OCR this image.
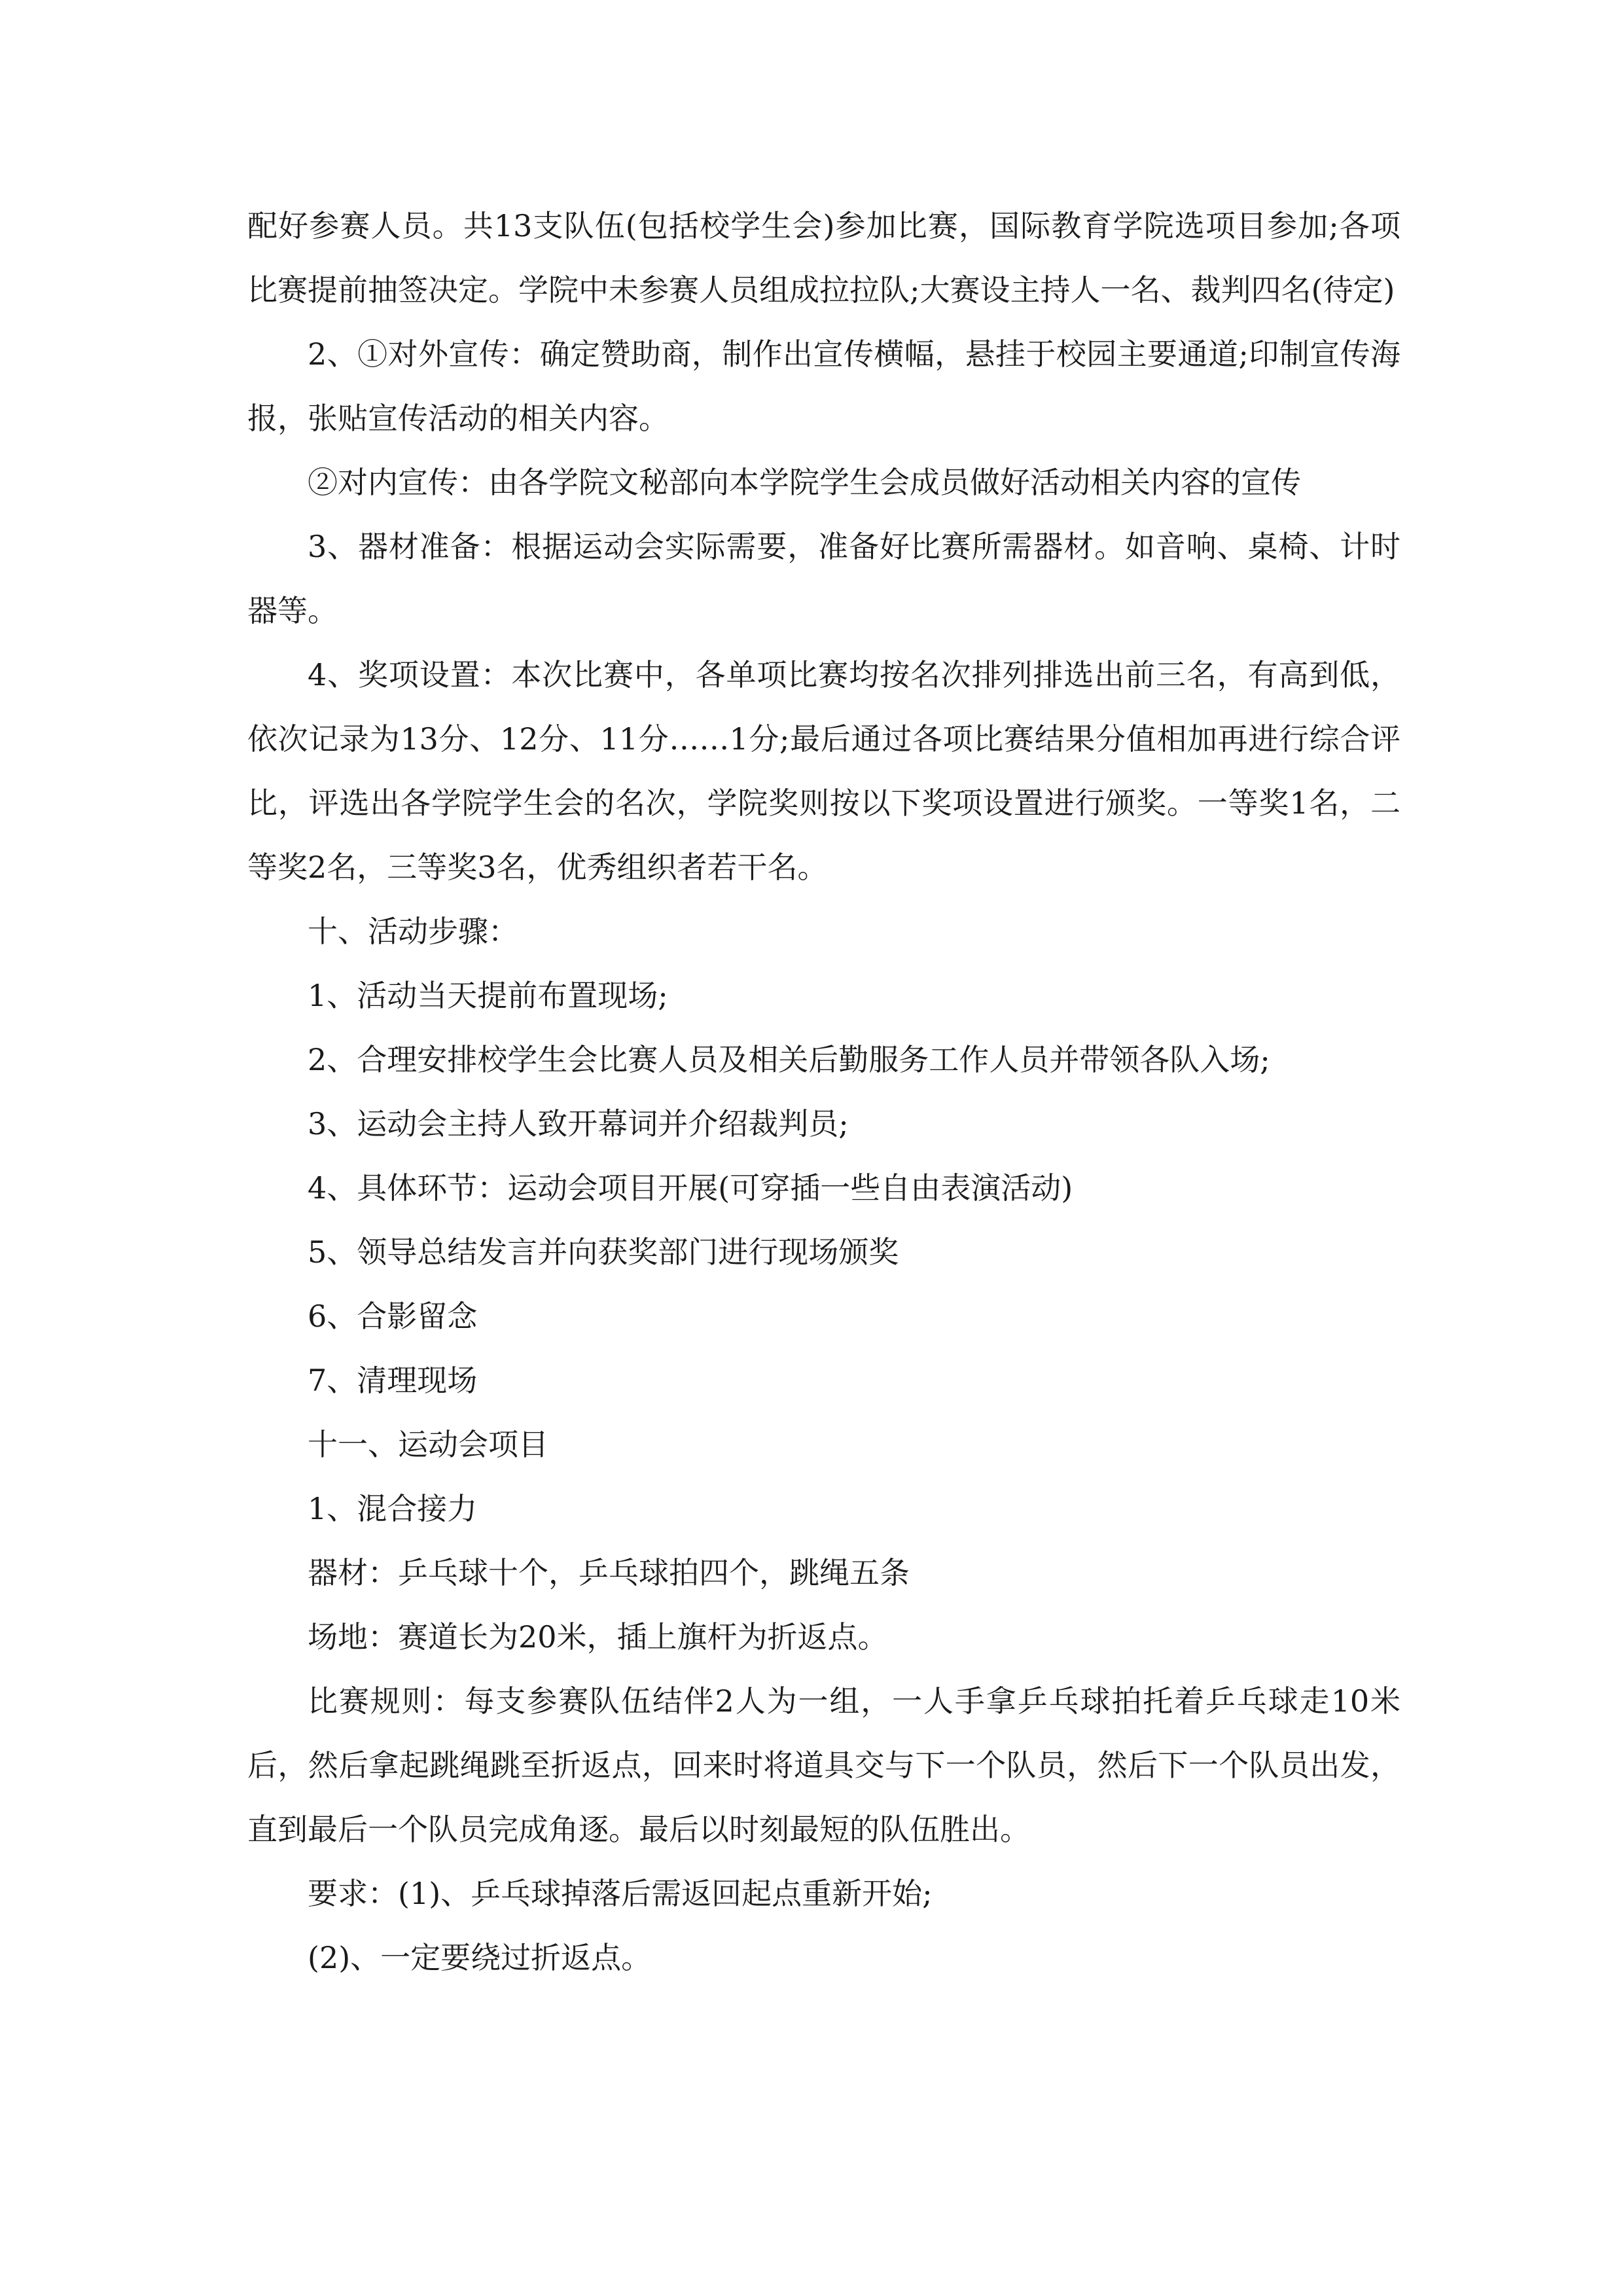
配好参赛人员。共13支队伍(包括校学生会)参加比赛，国际教育学院选项目参加;各项比赛提前抽签决定。学院中未参赛人员组成拉拉队;大赛设主持人一名、裁判四名(待定)

2、①对外宣传：确定赞助商，制作出宣传横幅，悬挂于校园主要通道;印制宣传海报，张贴宣传活动的相关内容。

②对内宣传：由各学院文秘部向本学院学生会成员做好活动相关内容的宣传

3、器材准备：根据运动会实际需要，准备好比赛所需器材。如音响、桌椅、计时器等。

4、奖项设置：本次比赛中，各单项比赛均按名次排列排选出前三名，有高到低，依次记录为13分、12分、11分……1分;最后通过各项比赛结果分值相加再进行综合评比，评选出各学院学生会的名次，学院奖则按以下奖项设置进行颁奖。一等奖1名，二等奖2名，三等奖3名，优秀组织者若干名。

十、活动步骤：

1、活动当天提前布置现场;

2、合理安排校学生会比赛人员及相关后勤服务工作人员并带领各队入场;

3、运动会主持人致开幕词并介绍裁判员;

4、具体环节：运动会项目开展(可穿插一些自由表演活动)

5、领导总结发言并向获奖部门进行现场颁奖

6、合影留念

7、清理现场

十一、运动会项目

1、混合接力

器材：乒乓球十个，乒乓球拍四个，跳绳五条

场地：赛道长为20米，插上旗杆为折返点。

比赛规则：每支参赛队伍结伴2人为一组，一人手拿乒乓球拍托着乒乓球走10米后，然后拿起跳绳跳至折返点，回来时将道具交与下一个队员，然后下一个队员出发，直到最后一个队员完成角逐。最后以时刻最短的队伍胜出。

要求：(1)、乒乓球掉落后需返回起点重新开始;

(2)、一定要绕过折返点。
